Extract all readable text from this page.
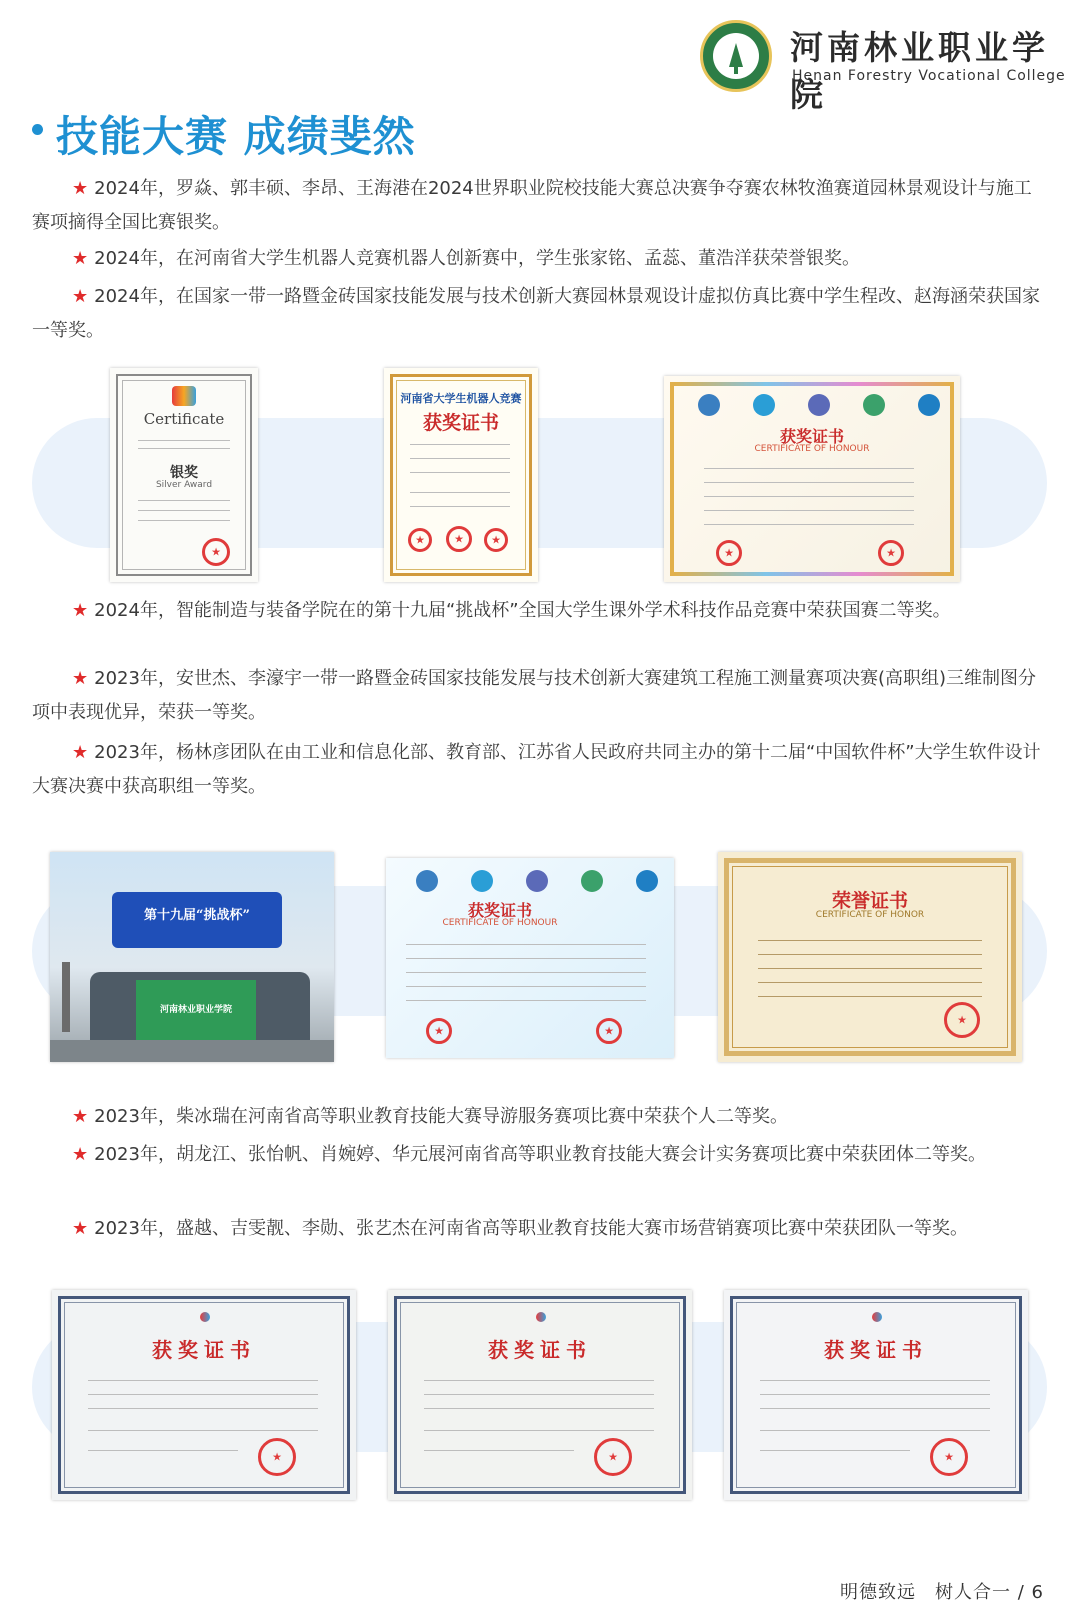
河南林业职业学院
Henan Forestry Vocational College
技能大赛 成绩斐然
★ 2024年，罗焱、郭丰硕、李昂、王海港在2024世界职业院校技能大赛总决赛争夺赛农林牧渔赛道园林景观设计与施工赛项摘得全国比赛银奖。
★ 2024年，在河南省大学生机器人竞赛机器人创新赛中，学生张家铭、孟蕊、董浩洋获荣誉银奖。
★ 2024年，在国家一带一路暨金砖国家技能发展与技术创新大赛园林景观设计虚拟仿真比赛中学生程改、赵海涵荣获国家一等奖。
Certificate
银奖
Silver Award
★
河南省大学生机器人竞赛
获奖证书
★
★
★

获奖证书
CERTIFICATE OF HONOUR
★
★
★ 2024年，智能制造与装备学院在的第十九届“挑战杯”全国大学生课外学术科技作品竞赛中荣获国赛二等奖。
★ 2023年，安世杰、李濠宇一带一路暨金砖国家技能发展与技术创新大赛建筑工程施工测量赛项决赛(高职组)三维制图分项中表现优异，荣获一等奖。
★ 2023年，杨林彦团队在由工业和信息化部、教育部、江苏省人民政府共同主办的第十二届“中国软件杯”大学生软件设计大赛决赛中获高职组一等奖。
第十九届“挑战杯”
河南林业职业学院

获奖证书
CERTIFICATE OF HONOUR
★
★
荣誉证书
CERTIFICATE OF HONOR
★
★ 2023年，柴冰瑞在河南省高等职业教育技能大赛导游服务赛项比赛中荣获个人二等奖。
★ 2023年，胡龙江、张怡帆、肖婉婷、华元展河南省高等职业教育技能大赛会计实务赛项比赛中荣获团体二等奖。
★ 2023年，盛越、吉雯靓、李勋、张艺杰在河南省高等职业教育技能大赛市场营销赛项比赛中荣获团队一等奖。
获奖证书
★	获奖证书
★	获奖证书
★
明德致远　树人合一 / 6
